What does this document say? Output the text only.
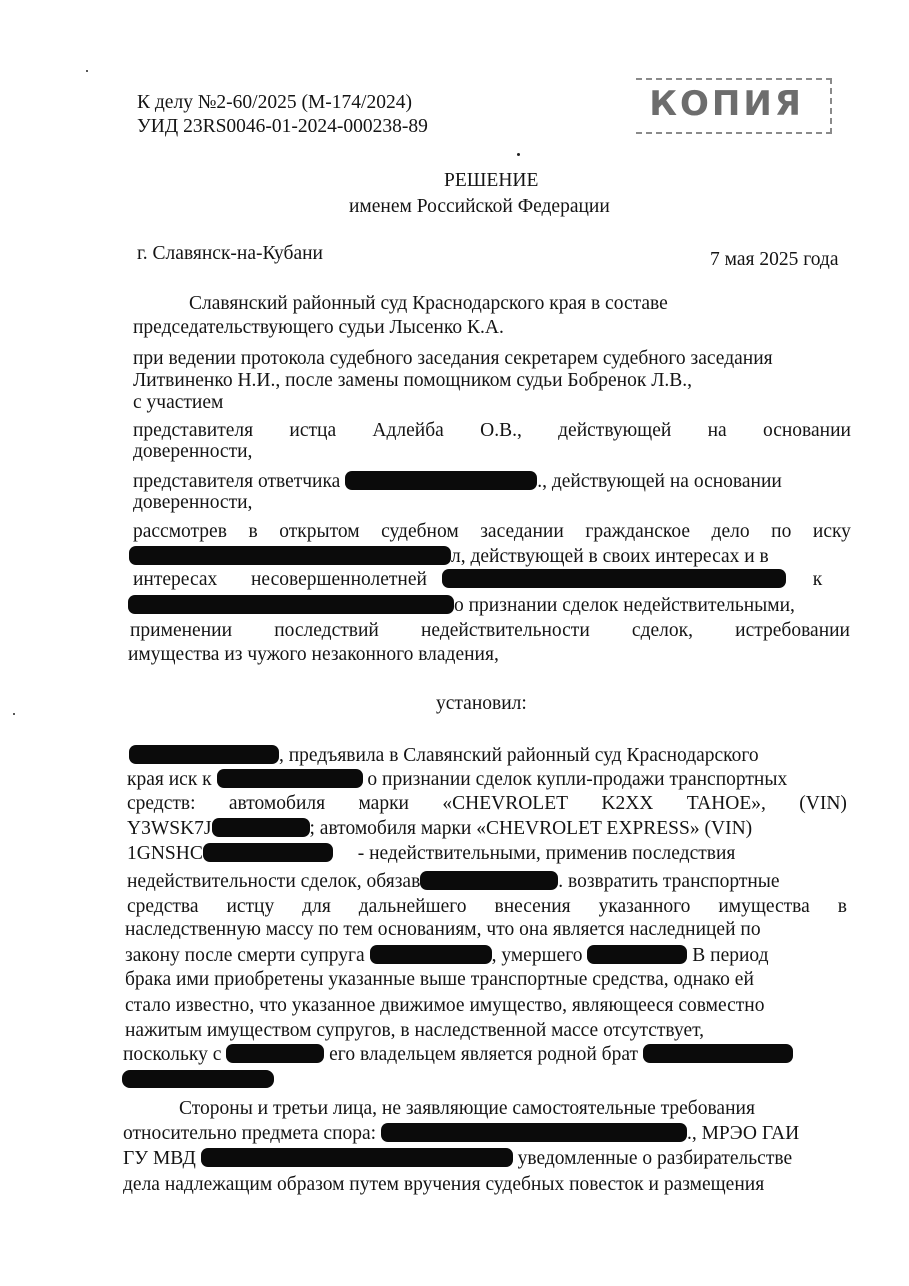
К делу №2-60/2025 (М-174/2024)
УИД 23RS0046-01-2024-000238-89
КОПИЯ
РЕШЕНИЕ
именем Российской Федерации
г. Славянск-на-Кубани	7 мая 2025 года
Славянский районный суд Краснодарского края в составе
председательствующего судьи Лысенко К.А.
при ведении протокола судебного заседания секретарем судебного заседания
Литвиненко Н.И., после замены помощником судьи Бобренок Л.В.,
с участием
представителя истца Адлейба О.В., действующей на основании
доверенности,
представителя ответчика	., действующей на основании
доверенности,
рассмотрев в открытом судебном заседании гражданское дело по иску
л, действующей в своих интересах и в
интересах несовершеннолетней	к
о признании сделок недействительными,
применении последствий недействительности сделок, истребовании
имущества из чужого незаконного владения,
установил:
, предъявила в Славянский районный суд Краснодарского
края иск к	о признании сделок купли-продажи транспортных
средств: автомобиля марки «CHEVROLET K2XX TAHOE», (VIN)
Y3WSK7J	; автомобиля марки «CHEVROLET EXPRESS» (VIN)
1GNSHC	- недействительными, применив последствия
недействительности сделок, обязав	. возвратить транспортные
средства истцу для дальнейшего внесения указанного имущества в
наследственную массу по тем основаниям, что она является наследницей по
закону после смерти супруга	, умершего	В период
брака ими приобретены указанные выше транспортные средства, однако ей
стало известно, что указанное движимое имущество, являющееся совместно
нажитым имуществом супругов, в наследственной массе отсутствует,
поскольку с	его владельцем является родной брат
Стороны и третьи лица, не заявляющие самостоятельные требования
относительно предмета спора:	., МРЭО ГАИ
ГУ МВД	уведомленные о разбирательстве
дела надлежащим образом путем вручения судебных повесток и размещения
